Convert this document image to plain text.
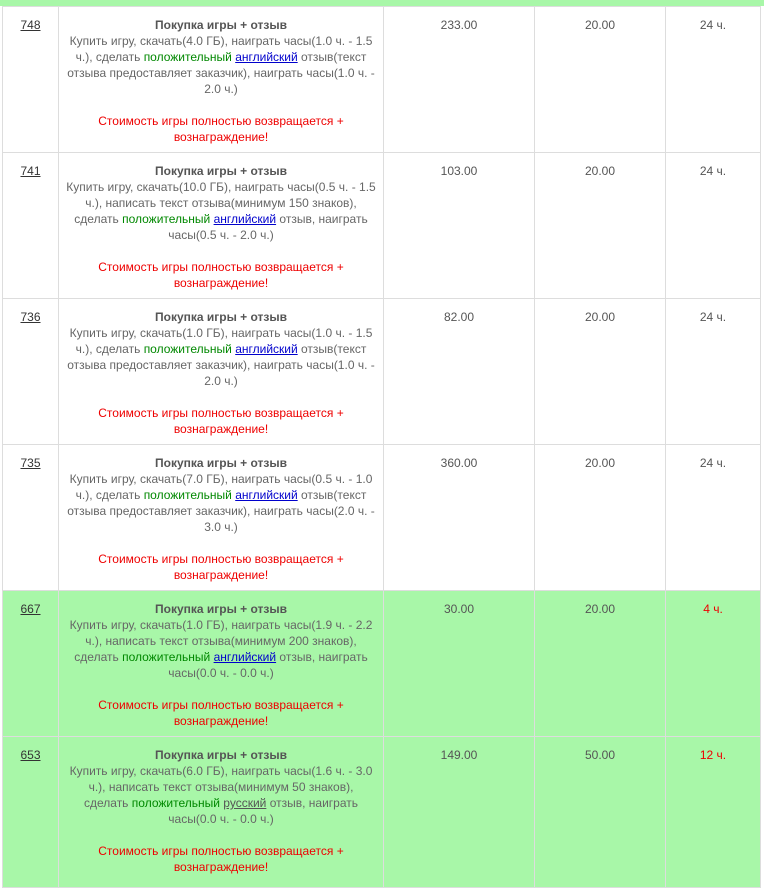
748	Покупка игры + отзыв
Купить игру, скачать(4.0 ГБ), наиграть часы(1.0 ч. - 1.5 ч.), сделать положительный английский отзыв(текст отзыва предоставляет заказчик), наиграть часы(1.0 ч. - 2.0 ч.)
Стоимость игры полностью возвращается + вознаграждение!	233.00	20.00	24 ч.
741	Покупка игры + отзыв
Купить игру, скачать(10.0 ГБ), наиграть часы(0.5 ч. - 1.5 ч.), написать текст отзыва(минимум 150 знаков), сделать положительный английский отзыв, наиграть часы(0.5 ч. - 2.0 ч.)
Стоимость игры полностью возвращается + вознаграждение!	103.00	20.00	24 ч.
736	Покупка игры + отзыв
Купить игру, скачать(1.0 ГБ), наиграть часы(1.0 ч. - 1.5 ч.), сделать положительный английский отзыв(текст отзыва предоставляет заказчик), наиграть часы(1.0 ч. - 2.0 ч.)
Стоимость игры полностью возвращается + вознаграждение!	82.00	20.00	24 ч.
735	Покупка игры + отзыв
Купить игру, скачать(7.0 ГБ), наиграть часы(0.5 ч. - 1.0 ч.), сделать положительный английский отзыв(текст отзыва предоставляет заказчик), наиграть часы(2.0 ч. - 3.0 ч.)
Стоимость игры полностью возвращается + вознаграждение!	360.00	20.00	24 ч.
667	Покупка игры + отзыв
Купить игру, скачать(1.0 ГБ), наиграть часы(1.9 ч. - 2.2 ч.), написать текст отзыва(минимум 200 знаков), сделать положительный английский отзыв, наиграть часы(0.0 ч. - 0.0 ч.)
Стоимость игры полностью возвращается + вознаграждение!	30.00	20.00	4 ч.
653	Покупка игры + отзыв
Купить игру, скачать(6.0 ГБ), наиграть часы(1.6 ч. - 3.0 ч.), написать текст отзыва(минимум 50 знаков), сделать положительный русский отзыв, наиграть часы(0.0 ч. - 0.0 ч.)
Стоимость игры полностью возвращается + вознаграждение!	149.00	50.00	12 ч.
